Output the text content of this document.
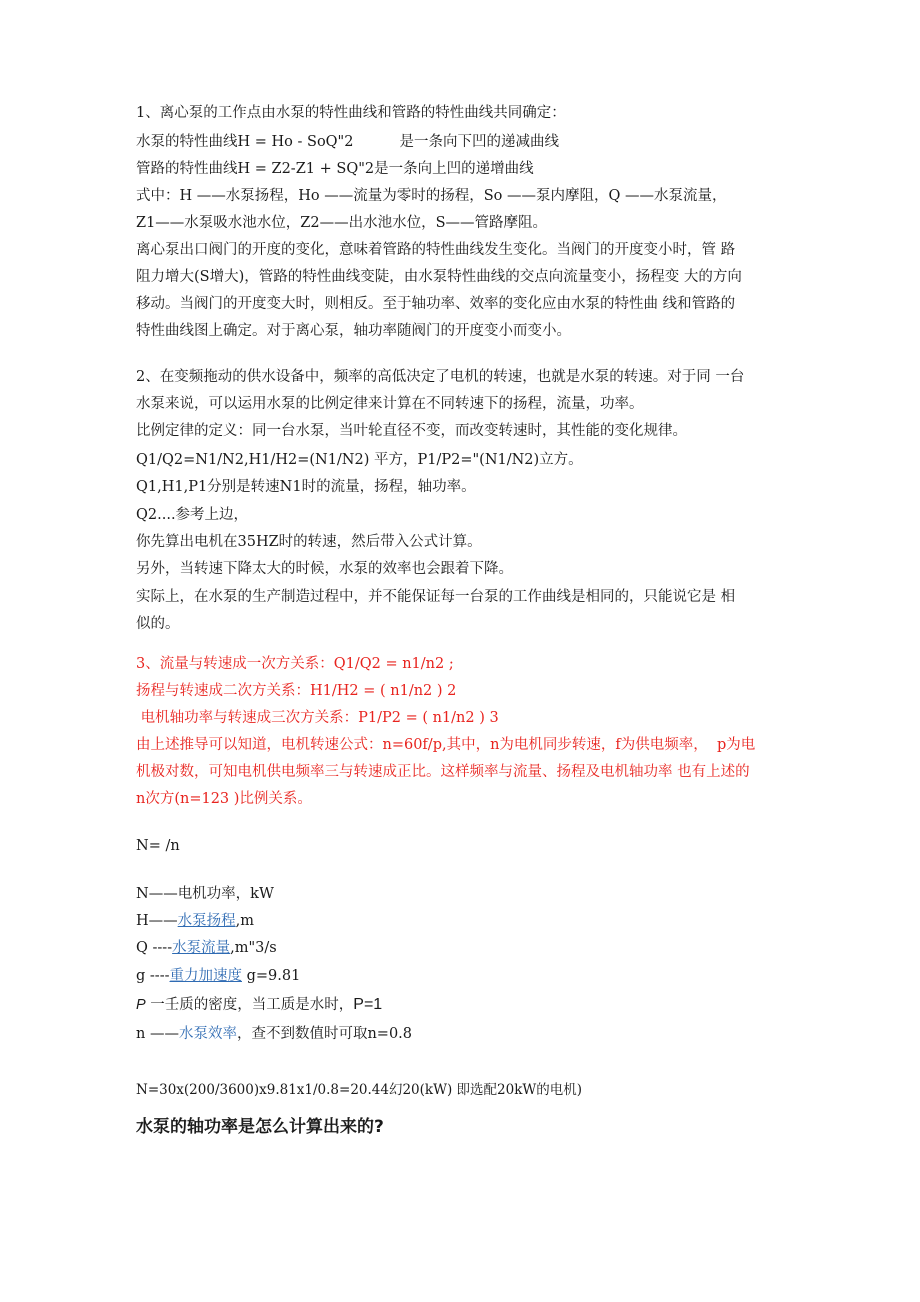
1、离心泵的工作点由水泵的特性曲线和管路的特性曲线共同确定：
水泵的特性曲线H = Ho - SoQ"2	是一条向下凹的递减曲线
管路的特性曲线H = Z2-Z1 + SQ"2是一条向上凹的递增曲线
式中：H ——水泵扬程，Ho ——流量为零时的扬程，So ——泵内摩阻，Q ——水泵流量，
Z1——水泵吸水池水位，Z2——出水池水位，S——管路摩阻。
离心泵出口阀门的开度的变化，意味着管路的特性曲线发生变化。当阀门的开度变小时，管 路
阻力增大(S增大)，管路的特性曲线变陡，由水泵特性曲线的交点向流量变小，扬程变 大的方向
移动。当阀门的开度变大时，则相反。至于轴功率、效率的变化应由水泵的特性曲 线和管路的
特性曲线图上确定。对于离心泵，轴功率随阀门的开度变小而变小。
2、在变频拖动的供水设备中，频率的高低决定了电机的转速，也就是水泵的转速。对于同 一台
水泵来说，可以运用水泵的比例定律来计算在不同转速下的扬程，流量，功率。
比例定律的定义：同一台水泵，当叶轮直径不变，而改变转速时，其性能的变化规律。
Q1/Q2=N1/N2,H1/H2=(N1/N2) 平方，P1/P2="(N1/N2)立方。
Q1,H1,P1分别是转速N1时的流量，扬程，轴功率。
Q2....参考上边，
你先算出电机在35HZ时的转速，然后带入公式计算。
另外，当转速下降太大的时候，水泵的效率也会跟着下降。
实际上，在水泵的生产制造过程中，并不能保证每一台泵的工作曲线是相同的，只能说它是 相
似的。
3、流量与转速成一次方关系：Q1/Q2 = n1/n2 ;
扬程与转速成二次方关系：H1/H2 = ( n1/n2 ) 2
电机轴功率与转速成三次方关系：P1/P2 = ( n1/n2 ) 3
由上述推导可以知道，电机转速公式：n=60f/p,其中，n为电机同步转速，f为供电频率，  p为电
机极对数，可知电机供电频率三与转速成正比。这样频率与流量、扬程及电机轴功率 也有上述的
n次方(n=123 )比例关系。
N= /n
N——电机功率，kW
H——水泵扬程,m
Q ----水泵流量,m"3/s
g ----重力加速度 g=9.81
P 一壬质的密度，当工质是水时，P=1
n ——水泵效率，查不到数值时可取n=0.8
N=30x(200/3600)x9.81x1/0.8=20.44幻20(kW) 即选配20kW的电机)
水泵的轴功率是怎么计算出来的?
